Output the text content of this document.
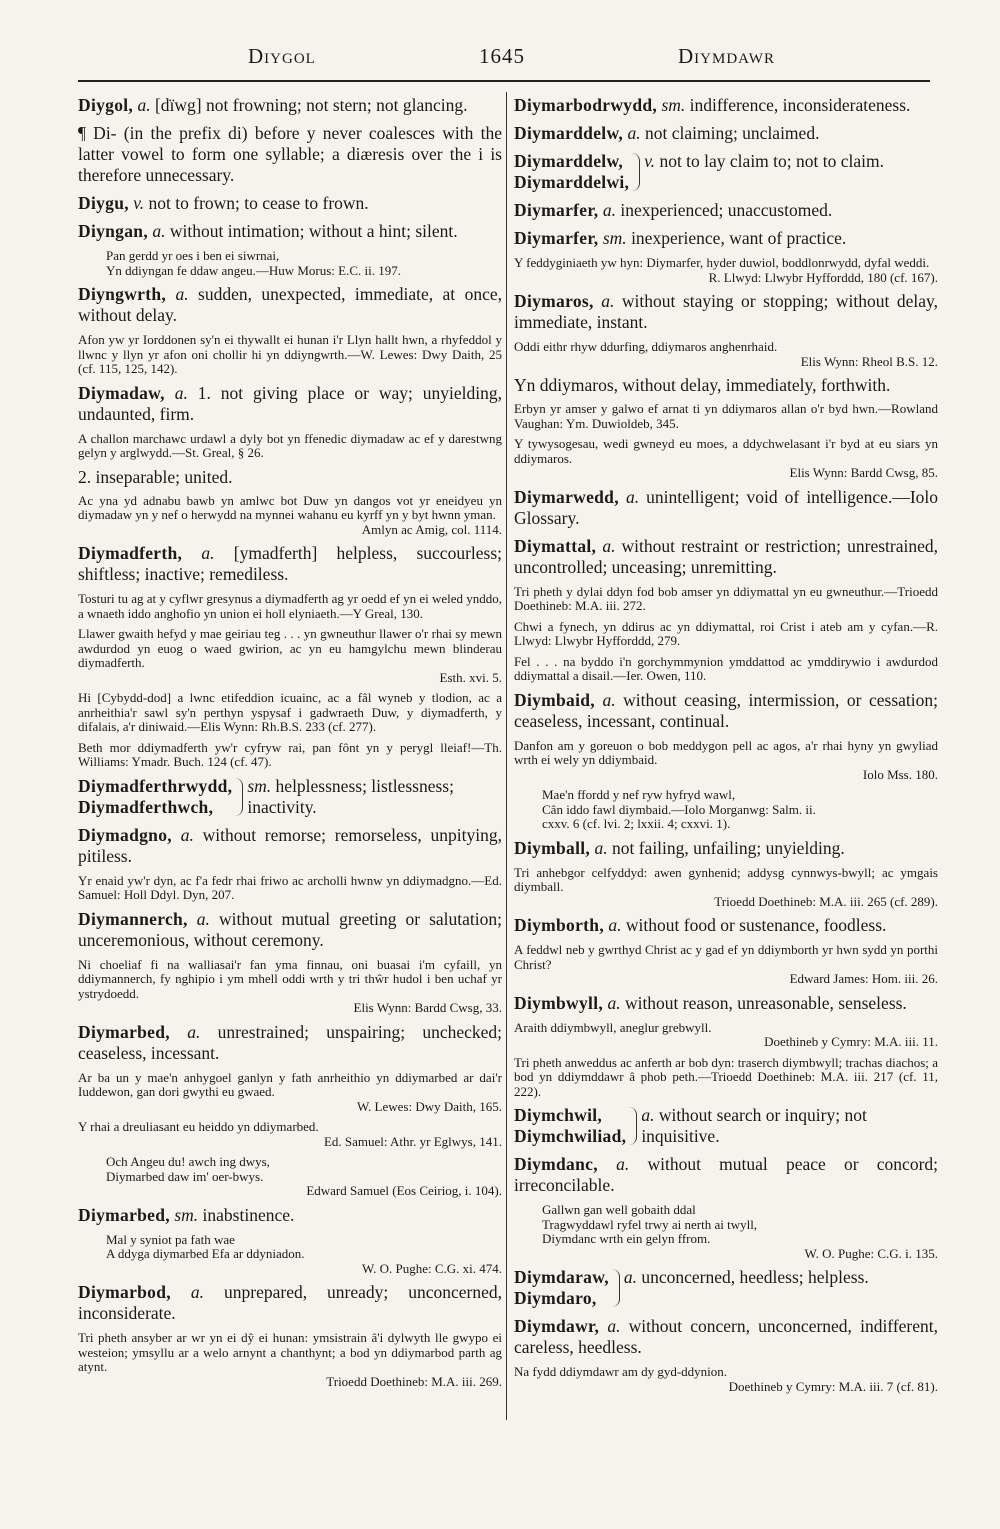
Diygol	1645	Diymdawr
Diygol, a. [dïwg] not frowning; not stern; not glancing.
¶ Di- (in the prefix di) before y never coalesces with the latter vowel to form one syllable; a diæresis over the i is therefore unnecessary.
Diygu, v. not to frown; to cease to frown.
Diyngan, a. without intimation; without a hint; silent.
Pan gerdd yr oes i ben ei siwrnai,
Yn ddiyngan fe ddaw angeu.—Huw Morus: E.C. ii. 197.
Diyngwrth, a. sudden, unexpected, immediate, at once, without delay.
Afon yw yr Iorddonen sy'n ei thywallt ei hunan i'r Llyn hallt hwn, a rhyfeddol y llwnc y llyn yr afon oni chollir hi yn ddiyngwrth.—W. Lewes: Dwy Daith, 25 (cf. 115, 125, 142).
Diymadaw, a. 1. not giving place or way; unyielding, undaunted, firm.
A challon marchawc urdawl a dyly bot yn ffenedic diymadaw ac ef y darestwng gelyn y arglwydd.—St. Greal, § 26.
2. inseparable; united.
Ac yna yd adnabu bawb yn amlwc bot Duw yn dangos vot yr eneidyeu yn diymadaw yn y nef o herwydd na mynnei wahanu eu kyrff yn y byt hwnn yman.
Amlyn ac Amig, col. 1114.
Diymadferth, a. [ymadferth] helpless, succourless; shiftless; inactive; remediless.
Tosturi tu ag at y cyflwr gresynus a diymadferth ag yr oedd ef yn ei weled ynddo, a wnaeth iddo anghofio yn union ei holl elyniaeth.—Y Greal, 130.
Llawer gwaith hefyd y mae geiriau teg . . . yn gwneuthur llawer o'r rhai sy mewn awdurdod yn euog o waed gwirion, ac yn eu hamgylchu mewn blinderau diymadferth.
Esth. xvi. 5.
Hi [Cybydd-dod] a lwnc etifeddion icuainc, ac a fâl wyneb y tlodion, ac a anrheithia'r sawl sy'n perthyn yspysaf i gadwraeth Duw, y diymadferth, y difalais, a'r diniwaid.—Elis Wynn: Rh.B.S. 233 (cf. 277).
Beth mor ddiymadferth yw'r cyfryw rai, pan fônt yn y perygl lleiaf!—Th. Williams: Ymadr. Buch. 124 (cf. 47).
Diymadferthrwydd,
Diymadferthwch,
sm. helplessness; listlessness; inactivity.
Diymadgno, a. without remorse; remorseless, unpitying, pitiless.
Yr enaid yw'r dyn, ac f'a fedr rhai friwo ac archolli hwnw yn ddiymadgno.—Ed. Samuel: Holl Ddyl. Dyn, 207.
Diymannerch, a. without mutual greeting or salutation; unceremonious, without ceremony.
Ni choeliaf fi na walliasai'r fan yma finnau, oni buasai i'm cyfaill, yn ddiymannerch, fy nghipio i ym mhell oddi wrth y tri thŵr hudol i ben uchaf yr ystrydoedd.
Elis Wynn: Bardd Cwsg, 33.
Diymarbed, a. unrestrained; unspairing; unchecked; ceaseless, incessant.
Ar ba un y mae'n anhygoel ganlyn y fath anrheithio yn ddiymarbed ar dai'r Iuddewon, gan dori gwythi eu gwaed.
W. Lewes: Dwy Daith, 165.
Y rhai a dreuliasant eu heiddo yn ddiymarbed.
Ed. Samuel: Athr. yr Eglwys, 141.
Och Angeu du! awch ing dwys,
Diymarbed daw im' oer-bwys.
Edward Samuel (Eos Ceiriog, i. 104).
Diymarbed, sm. inabstinence.
Mal y syniot pa fath wae
A ddyga diymarbed Efa ar ddyniadon.
W. O. Pughe: C.G. xi. 474.
Diymarbod, a. unprepared, unready; unconcerned, inconsiderate.
Tri pheth ansyber ar wr yn ei dŷ ei hunan: ymsistrain â'i dylwyth lle gwypo ei westeion; ymsyllu ar a welo arnynt a chanthynt; a bod yn ddiymarbod parth ag atynt.
Trioedd Doethineb: M.A. iii. 269.
Diymarbodrwydd, sm. indifference, inconsiderateness.
Diymarddelw, a. not claiming; unclaimed.
Diymarddelw,
Diymarddelwi,
v. not to lay claim to; not to claim.
Diymarfer, a. inexperienced; unaccustomed.
Diymarfer, sm. inexperience, want of practice.
Y feddyginiaeth yw hyn: Diymarfer, hyder duwiol, boddlonrwydd, dyfal weddi.
R. Llwyd: Llwybr Hyfforddd, 180 (cf. 167).
Diymaros, a. without staying or stopping; without delay, immediate, instant.
Oddi eithr rhyw ddurfing, ddiymaros anghenrhaid.
Elis Wynn: Rheol B.S. 12.
Yn ddiymaros, without delay, immediately, forthwith.
Erbyn yr amser y galwo ef arnat ti yn ddiymaros allan o'r byd hwn.—Rowland Vaughan: Ym. Duwioldeb, 345.
Y tywysogesau, wedi gwneyd eu moes, a ddychwelasant i'r byd at eu siars yn ddiymaros.
Elis Wynn: Bardd Cwsg, 85.
Diymarwedd, a. unintelligent; void of intelligence.—Iolo Glossary.
Diymattal, a. without restraint or restriction; unrestrained, uncontrolled; unceasing; unremitting.
Tri pheth y dylai ddyn fod bob amser yn ddiymattal yn eu gwneuthur.—Trioedd Doethineb: M.A. iii. 272.
Chwi a fynech, yn ddirus ac yn ddiymattal, roi Crist i ateb am y cyfan.—R. Llwyd: Llwybr Hyfforddd, 279.
Fel . . . na byddo i'n gorchymmynion ymddattod ac ymddirywio i awdurdod ddiymattal a disail.—Ier. Owen, 110.
Diymbaid, a. without ceasing, intermission, or cessation; ceaseless, incessant, continual.
Danfon am y goreuon o bob meddygon pell ac agos, a'r rhai hyny yn gwyliad wrth ei wely yn ddiymbaid.
Iolo Mss. 180.
Mae'n ffordd y nef ryw hyfryd wawl,
Cân iddo fawl diymbaid.—Iolo Morganwg: Salm. ii.
cxxv. 6 (cf. lvi. 2; lxxii. 4; cxxvi. 1).
Diymball, a. not failing, unfailing; unyielding.
Tri anhebgor celfyddyd: awen gynhenid; addysg cynnwys-bwyll; ac ymgais diymball.
Trioedd Doethineb: M.A. iii. 265 (cf. 289).
Diymborth, a. without food or sustenance, foodless.
A feddwl neb y gwrthyd Christ ac y gad ef yn ddiymborth yr hwn sydd yn porthi Christ?
Edward James: Hom. iii. 26.
Diymbwyll, a. without reason, unreasonable, senseless.
Araith ddiymbwyll, aneglur grebwyll.
Doethineb y Cymry: M.A. iii. 11.
Tri pheth anweddus ac anferth ar bob dyn: traserch diymbwyll; trachas diachos; a bod yn ddiymddawr â phob peth.—Trioedd Doethineb: M.A. iii. 217 (cf. 11, 222).
Diymchwil,
Diymchwiliad,
a. without search or inquiry; not inquisitive.
Diymdanc, a. without mutual peace or concord; irreconcilable.
Gallwn gan well gobaith ddal
Tragwyddawl ryfel trwy ai nerth ai twyll,
Diymdanc wrth ein gelyn ffrom.
W. O. Pughe: C.G. i. 135.
Diymdaraw,
Diymdaro,
a. unconcerned, heedless; helpless.
Diymdawr, a. without concern, unconcerned, indifferent, careless, heedless.
Na fydd ddiymdawr am dy gyd-ddynion.
Doethineb y Cymry: M.A. iii. 7 (cf. 81).
